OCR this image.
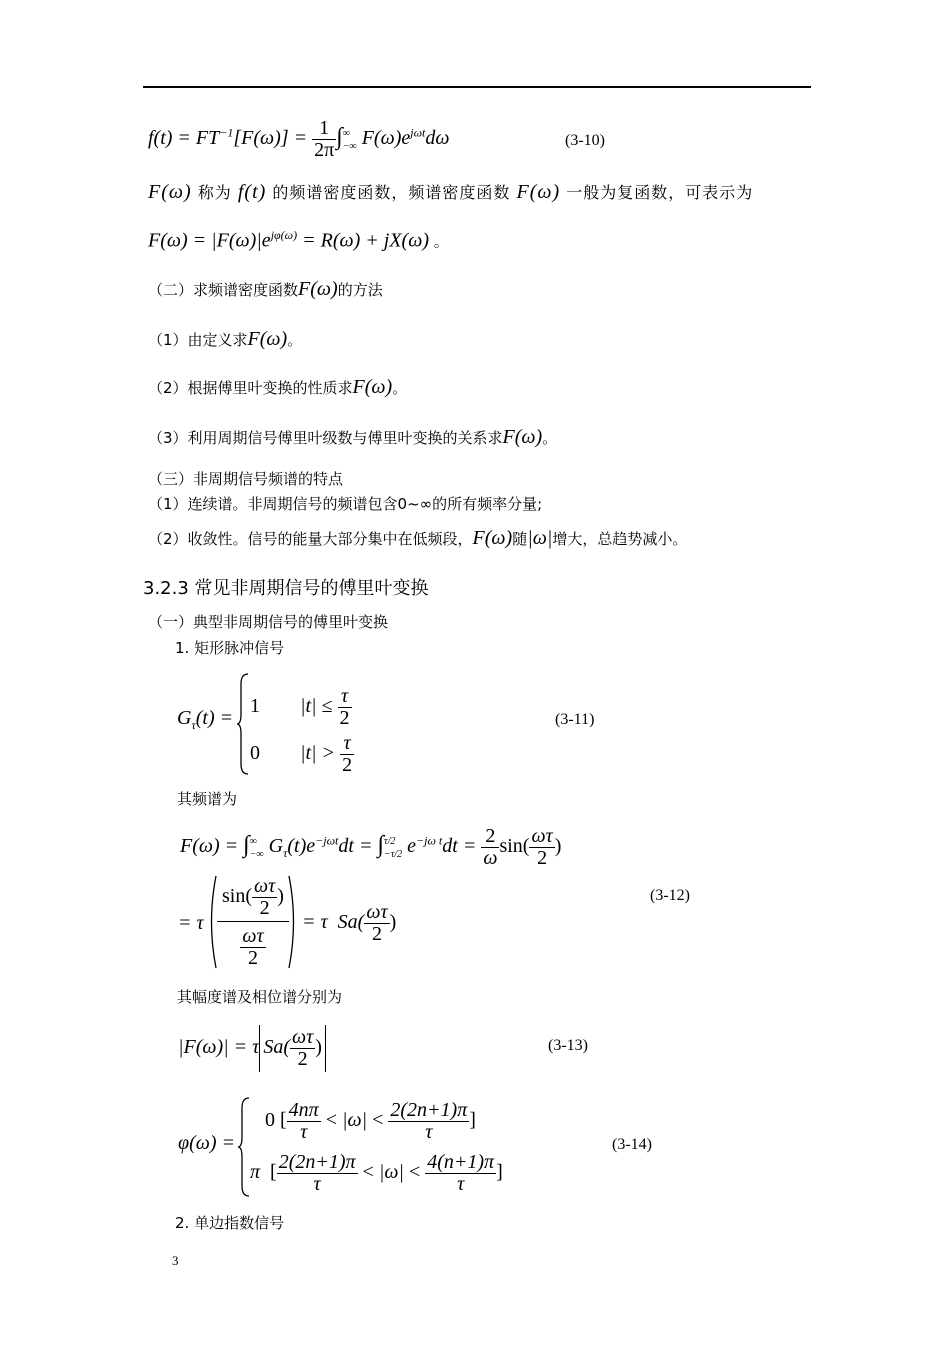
$f(t) = FT^{-1}[F(\omega)] = \frac{1}{2\pi}$ ∫ ∞
−∞ $F(\omega)e^{j\omega t}d\omega$	(3-10)
F(ω) 称为 f(t) 的频谱密度函数，频谱密度函数 F(ω) 一般为复函数，可表示为
$F(\omega) = |F(\omega)|e^{j\varphi(\omega)} = R(\omega) + jX(\omega)$ 。
（二）求频谱密度函数F(ω)的方法
（1）由定义求F(ω)。
（2）根据傅里叶变换的性质求F(ω)。
（3）利用周期信号傅里叶级数与傅里叶变换的关系求F(ω)。
（三）非周期信号频谱的特点
（1）连续谱。非周期信号的频谱包含0~∞的所有频率分量;
（2）收敛性。信号的能量大部分集中在低频段，F(ω)随|ω|增大，总趋势减小。
3.2.3 常见非周期信号的傅里叶变换
（一）典型非周期信号的傅里叶变换
1. 矩形脉冲信号
$G_\tau(t)$ =
1 $|t| \le \frac{\tau}{2}$
0 $|t| > \frac{\tau}{2}$
(3-11)
其频谱为
F(ω) = ∫ ∞
−∞ $G_\tau(t)e^{-j\omega t}dt$ = ∫ τ/2
−τ/2 $e^{-j\omega t}dt = \frac{2}{\omega} \sin( \frac{\omega\tau}{2}$ )
= τ
$\sin( \frac{\omega\tau}{2}$ )
$\frac{\omega\tau}{2}$
= τ $Sa( \frac{\omega\tau}{2}$ )
(3-12)
其幅度谱及相位谱分别为
|F(ω)| = τ $Sa( \frac{\omega\tau}{2}$ )	(3-13)
φ(ω) =
0 [ $\frac{4n\pi}{\tau} < |\omega| < \frac{2(2n+1)\pi}{\tau}$ ]
π [ $\frac{2(2n+1)\pi}{\tau} < |\omega| < \frac{4(n+1)\pi}{\tau}$ ]
(3-14)
2. 单边指数信号
3
